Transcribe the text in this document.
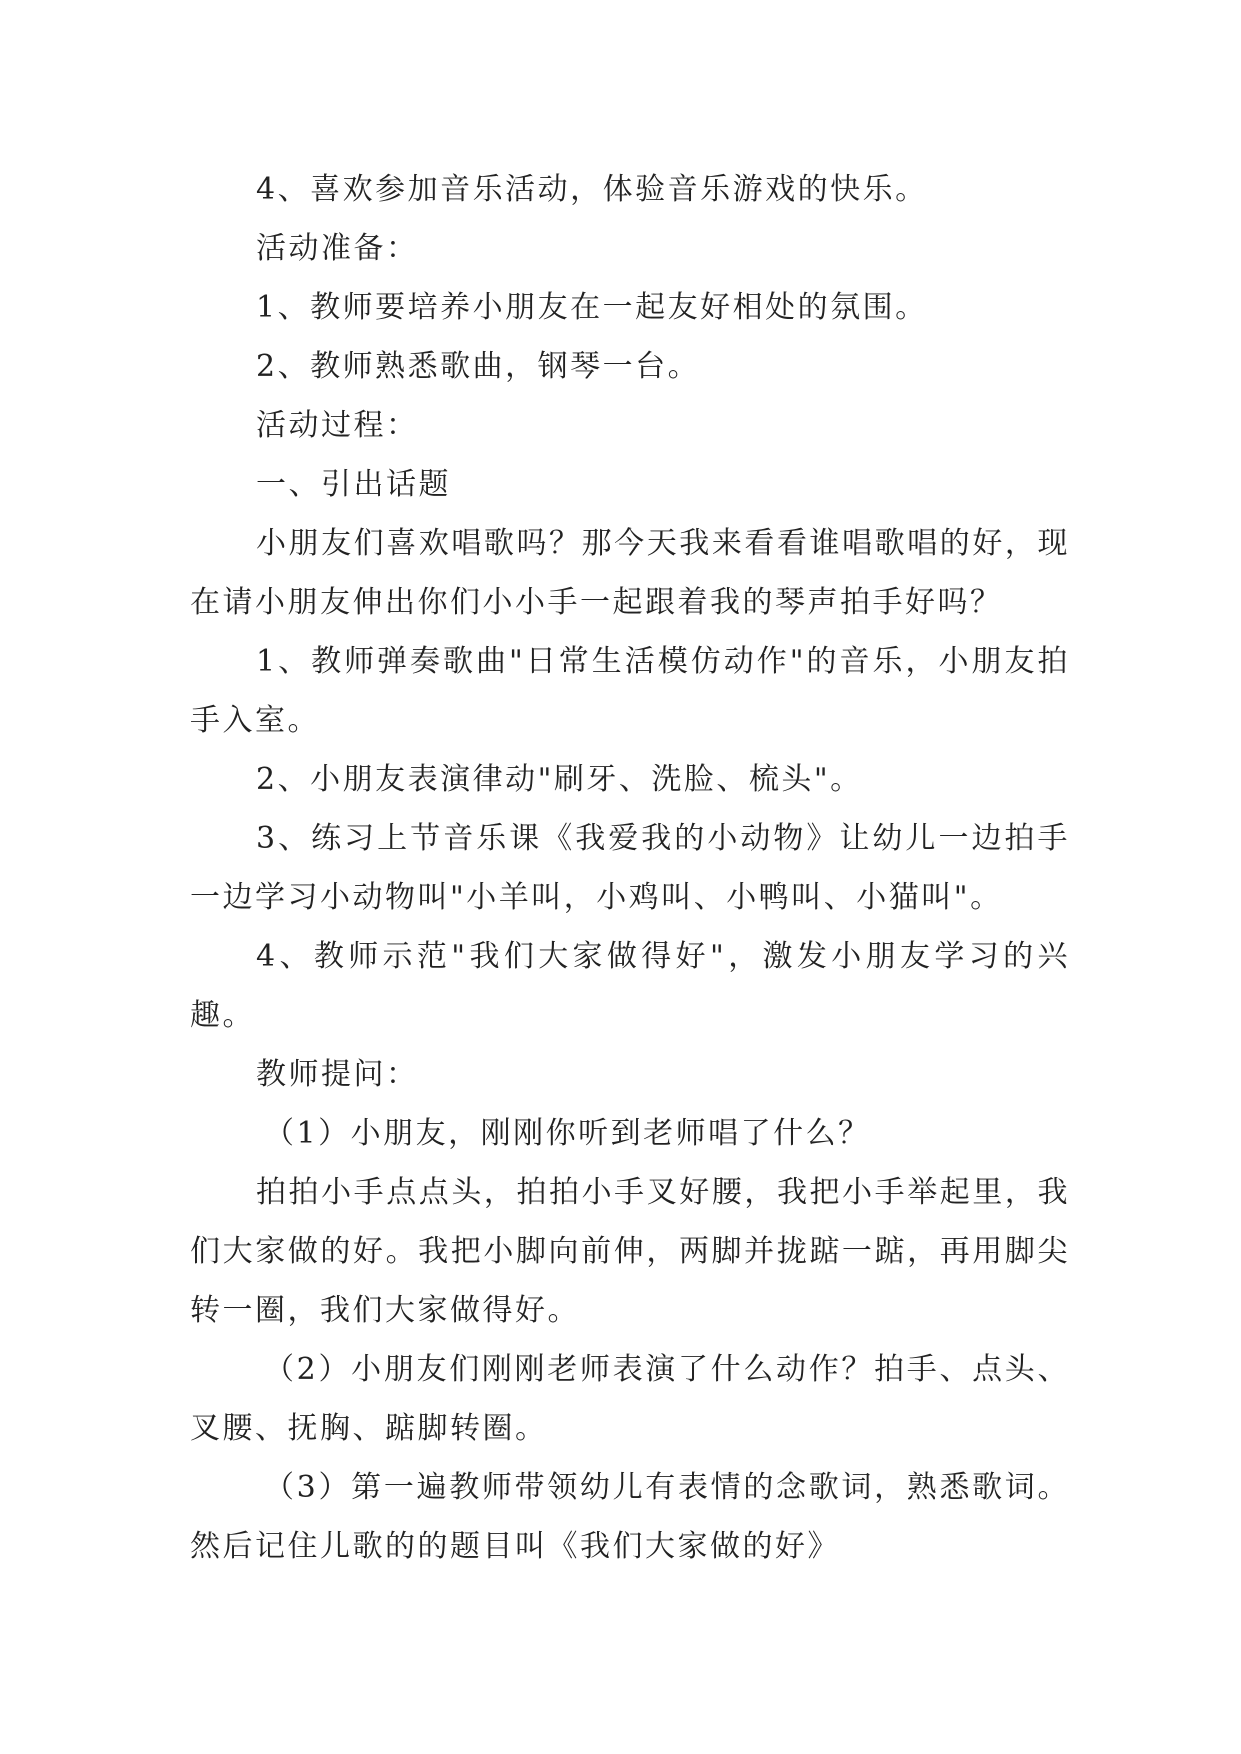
4、喜欢参加音乐活动，体验音乐游戏的快乐。

活动准备：

1、教师要培养小朋友在一起友好相处的氛围。

2、教师熟悉歌曲，钢琴一台。

活动过程：

一、引出话题

小朋友们喜欢唱歌吗？那今天我来看看谁唱歌唱的好，现在请小朋友伸出你们小小手一起跟着我的琴声拍手好吗？

1、教师弹奏歌曲"日常生活模仿动作"的音乐，小朋友拍手入室。

2、小朋友表演律动"刷牙、洗脸、梳头"。

3、练习上节音乐课《我爱我的小动物》让幼儿一边拍手一边学习小动物叫"小羊叫，小鸡叫、小鸭叫、小猫叫"。

4、教师示范"我们大家做得好"，激发小朋友学习的兴趣。

教师提问：

（1）小朋友，刚刚你听到老师唱了什么？

拍拍小手点点头，拍拍小手叉好腰，我把小手举起里，我们大家做的好。我把小脚向前伸，两脚并拢踮一踮，再用脚尖转一圈，我们大家做得好。

（2）小朋友们刚刚老师表演了什么动作？拍手、点头、叉腰、抚胸、踮脚转圈。

（3）第一遍教师带领幼儿有表情的念歌词，熟悉歌词。然后记住儿歌的的题目叫《我们大家做的好》
